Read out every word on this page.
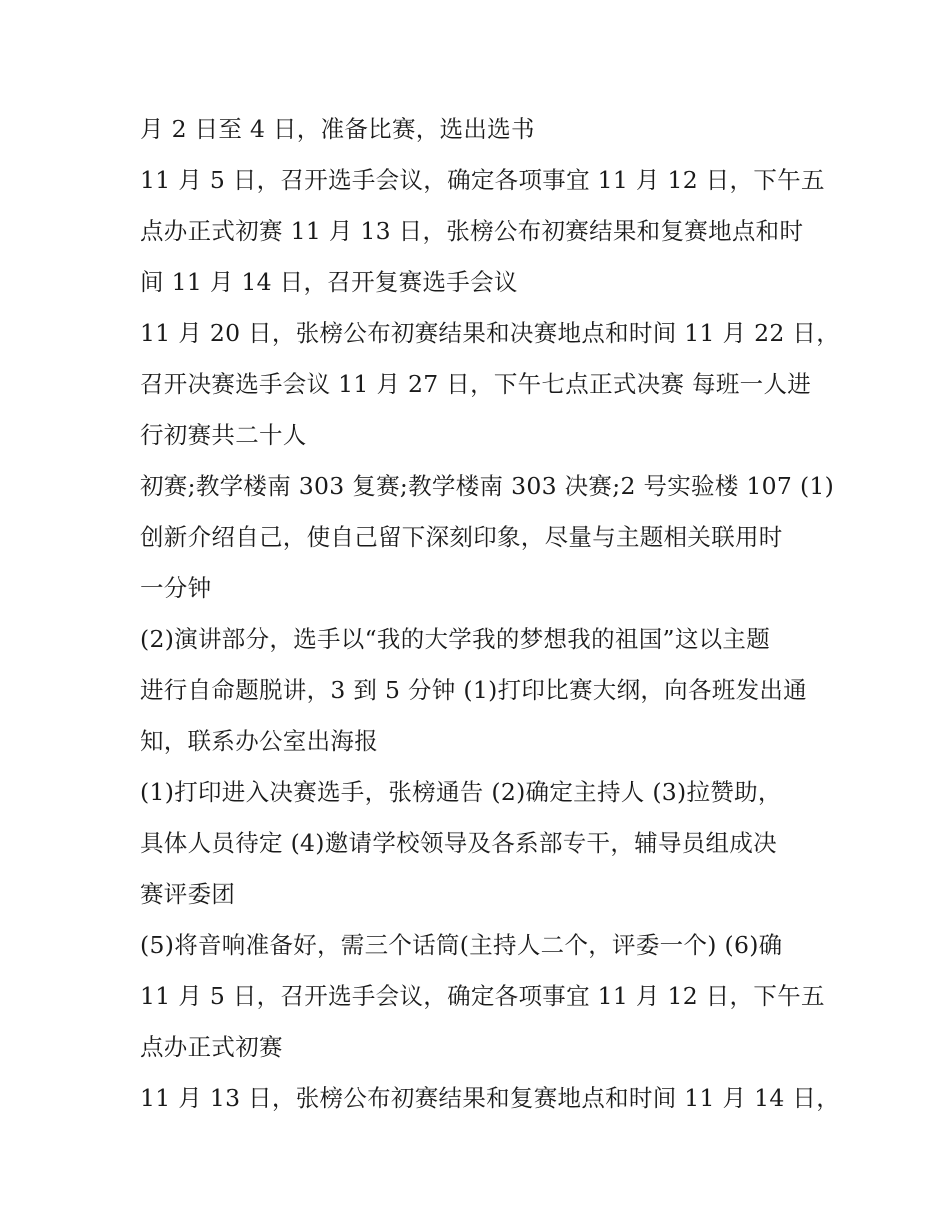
月 2 日至 4 日，准备比赛，选出选书
11 月 5 日，召开选手会议，确定各项事宜 11 月 12 日，下午五
点办正式初赛 11 月 13 日，张榜公布初赛结果和复赛地点和时
间 11 月 14 日，召开复赛选手会议
11 月 20 日，张榜公布初赛结果和决赛地点和时间 11 月 22 日，
召开决赛选手会议 11 月 27 日，下午七点正式决赛 每班一人进
行初赛共二十人
初赛;教学楼南 303 复赛;教学楼南 303 决赛;2 号实验楼 107 (1)
创新介绍自己，使自己留下深刻印象，尽量与主题相关联用时
一分钟
(2)演讲部分，选手以“我的大学我的梦想我的祖国”这以主题
进行自命题脱讲，3 到 5 分钟 (1)打印比赛大纲，向各班发出通
知，联系办公室出海报
(1)打印进入决赛选手，张榜通告 (2)确定主持人 (3)拉赞助，
具体人员待定 (4)邀请学校领导及各系部专干，辅导员组成决
赛评委团
(5)将音响准备好，需三个话筒(主持人二个，评委一个) (6)确
11 月 5 日，召开选手会议，确定各项事宜 11 月 12 日，下午五
点办正式初赛
11 月 13 日，张榜公布初赛结果和复赛地点和时间 11 月 14 日，
